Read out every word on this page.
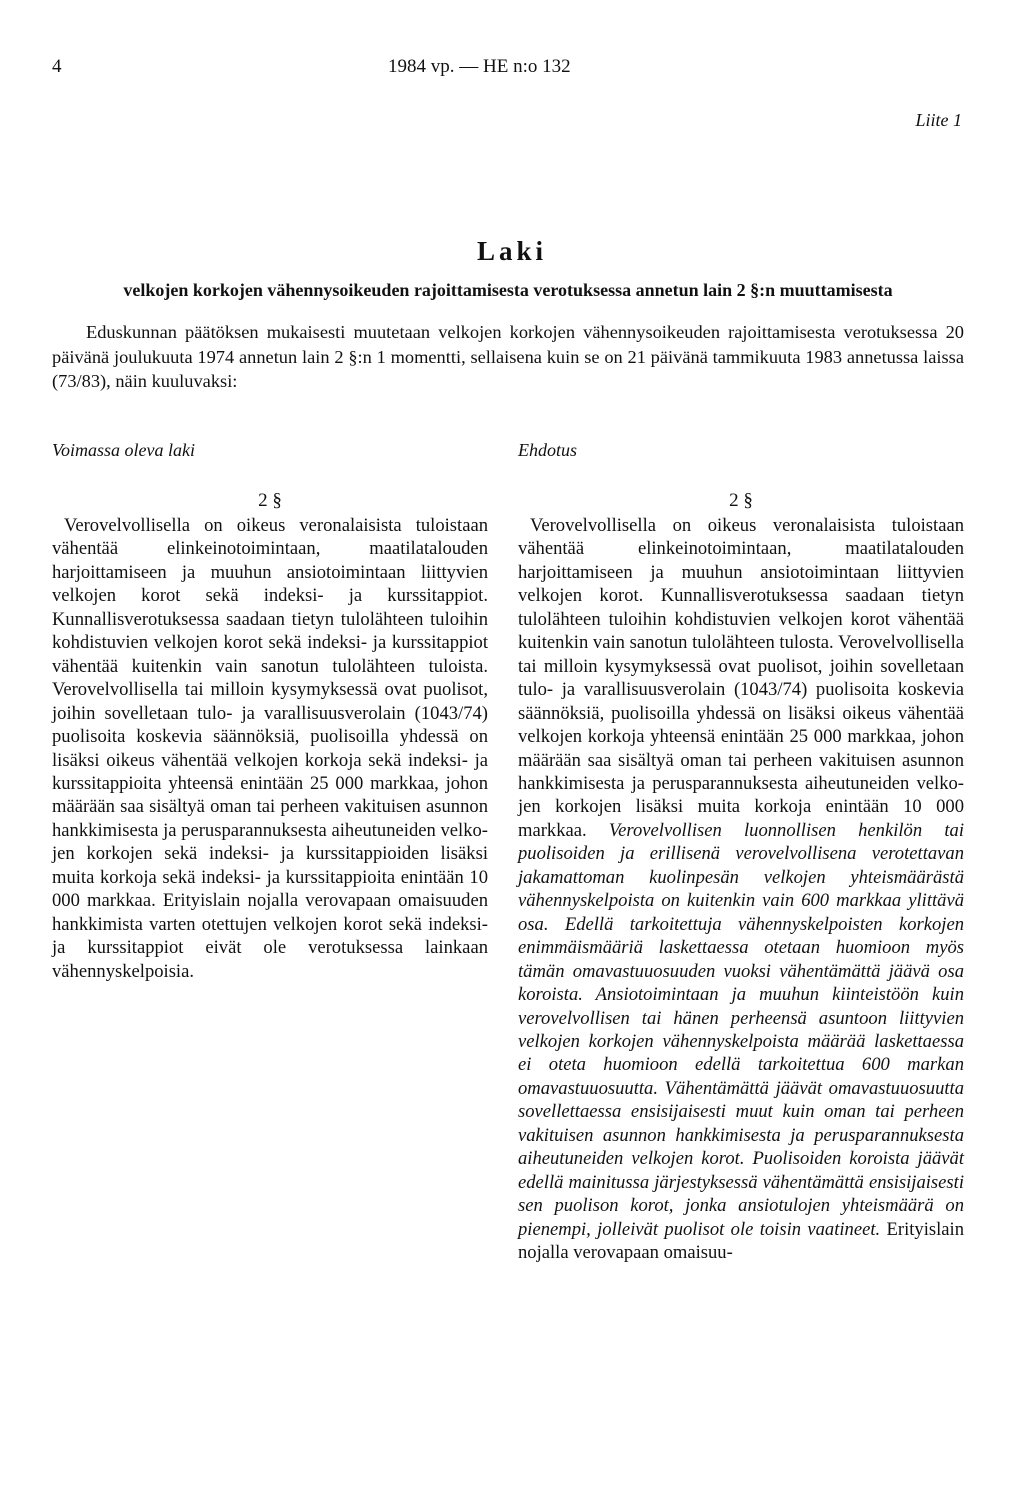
4	1984 vp. — HE n:o 132
Liite 1
Laki
velkojen korkojen vähennysoikeuden rajoittamisesta verotuksessa annetun lain 2 §:n muuttamisesta
Eduskunnan päätöksen mukaisesti muutetaan velkojen korkojen vähennysoikeuden rajoittamisesta verotuksessa 20 päivänä joulukuuta 1974 annetun lain 2 §:n 1 momentti, sellaisena kuin se on 21 päivänä tammikuuta 1983 annetussa laissa (73/83), näin kuuluvaksi:
Voimassa oleva laki
2 §
Verovelvollisella on oikeus veronalaisista tuloistaan vähentää elinkeinotoimintaan, maatilatalouden harjoittamiseen ja muuhun ansiotoimintaan liittyvien velkojen korot sekä indeksi- ja kurssitappiot. Kunnallisverotuksessa saadaan tietyn tulolähteen tuloihin kohdistuvien velkojen korot sekä indeksi- ja kurssitappiot vähentää kuitenkin vain sanotun tulolähteen tuloista. Verovelvollisella tai milloin kysymyksessä ovat puolisot, joihin sovelletaan tulo- ja varallisuusverolain (1043/74) puolisoita koskevia säännöksiä, puolisoilla yhdessä on lisäksi oikeus vähentää velkojen korkoja sekä indeksi- ja kurssitappioita yhteensä enintään 25 000 markkaa, johon määrään saa sisältyä oman tai perheen vakituisen asunnon hankkimisesta ja perusparannuksesta aiheutuneiden velkojen korkojen sekä indeksi- ja kurssitappioiden lisäksi muita korkoja sekä indeksi- ja kurssitappioita enintään 10 000 markkaa. Erityislain nojalla verovapaan omaisuuden hankkimista varten otettujen velkojen korot sekä indeksi- ja kurssitappiot eivät ole verotuksessa lainkaan vähennyskelpoisia.
Ehdotus
2 §
Verovelvollisella on oikeus veronalaisista tuloistaan vähentää elinkeinotoimintaan, maatilatalouden harjoittamiseen ja muuhun ansiotoimintaan liittyvien velkojen korot. Kunnallisverotuksessa saadaan tietyn tulolähteen tuloihin kohdistuvien velkojen korot vähentää kuitenkin vain sanotun tulolähteen tulosta. Verovelvollisella tai milloin kysymyksessä ovat puolisot, joihin sovelletaan tulo- ja varallisuusverolain (1043/74) puolisoita koskevia säännöksiä, puolisoilla yhdessä on lisäksi oikeus vähentää velkojen korkoja yhteensä enintään 25 000 markkaa, johon määrään saa sisältyä oman tai perheen vakituisen asunnon hankkimisesta ja perusparannuksesta aiheutuneiden velkojen korkojen lisäksi muita korkoja enintään 10 000 markkaa. Verovelvollisen luonnollisen henkilön tai puolisoiden ja erillisenä verovelvollisena verotettavan jakamattoman kuolinpesän velkojen yhteismäärästä vähennyskelpoista on kuitenkin vain 600 markkaa ylittävä osa. Edellä tarkoitettuja vähennyskelpoisten korkojen enimmäismääriä laskettaessa otetaan huomioon myös tämän omavastuuosuuden vuoksi vähentämättä jäävä osa koroista. Ansiotoimintaan ja muuhun kiinteistöön kuin verovelvollisen tai hänen perheensä asuntoon liittyvien velkojen korkojen vähennyskelpoista määrää laskettaessa ei oteta huomioon edellä tarkoitettua 600 markan omavastuuosuutta. Vähentämättä jäävät omavastuuosuutta sovellettaessa ensisijaisesti muut kuin oman tai perheen vakituisen asunnon hankkimisesta ja perusparannuksesta aiheutuneiden velkojen korot. Puolisoiden koroista jäävät edellä mainitussa järjestyksessä vähentämättä ensisijaisesti sen puolison korot, jonka ansiotulojen yhteismäärä on pienempi, jolleivät puolisot ole toisin vaatineet. Erityislain nojalla verovapaan omaisuu-
